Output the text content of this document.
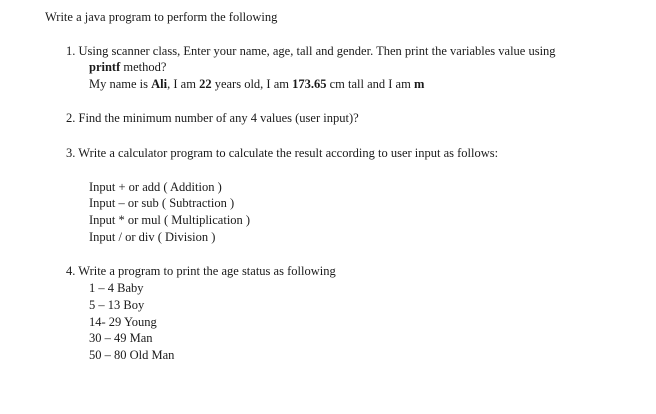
Write a java program to perform the following
1. Using scanner class, Enter your name, age, tall and gender. Then print the variables value using
printf method?
My name is Ali, I am 22 years old, I am 173.65 cm tall and I am m
2. Find the minimum number of any 4 values (user input)?
3. Write a calculator program to calculate the result according to user input as follows:
Input + or add ( Addition )
Input – or sub ( Subtraction )
Input * or mul ( Multiplication )
Input / or div ( Division )
4. Write a program to print the age status as following
1 – 4 Baby
5 – 13 Boy
14- 29 Young
30 – 49 Man
50 – 80 Old Man
